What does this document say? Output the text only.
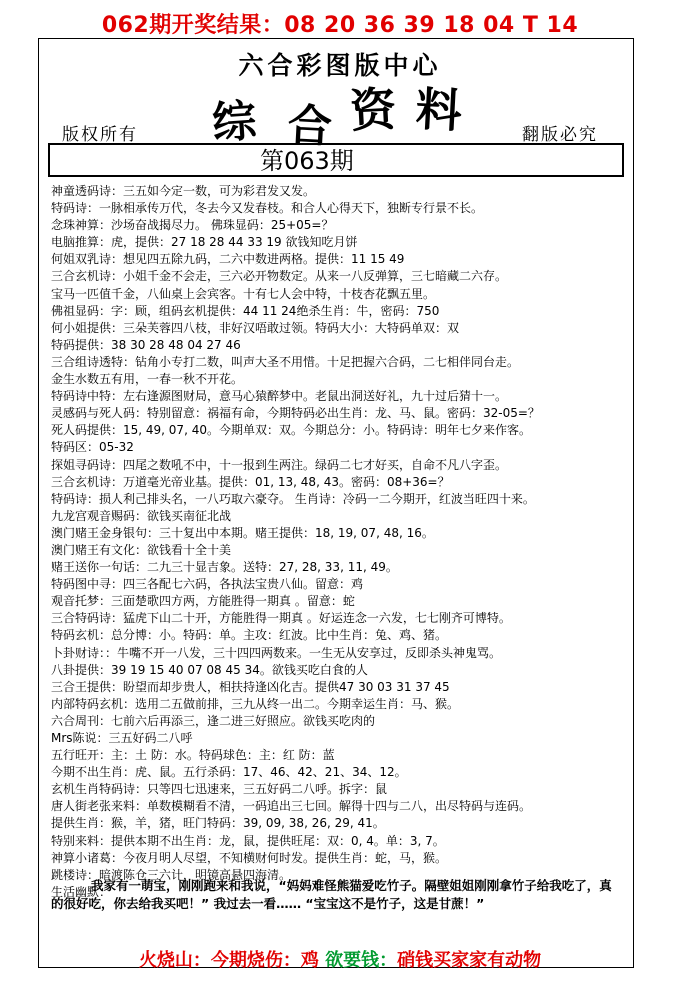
062期开奖结果：08 20 36 39 18 04 T 14
六合彩图版中心
综 合 资 料
版权所有	翻版必究
第063期
神童透码诗：三五如今定一数，可为彩君发又发。
特码诗：一脉相承传万代，冬去今又发春枝。和合人心得天下，独断专行景不长。
念珠神算：沙场奋战揭尽力。 佛珠显码：25+05=？
电脑推算：虎，提供：27 18 28 44 33 19 欲钱知吃月饼
何姐双乳诗：想见四五除九码，二六中数进两格。提供：11 15 49
三合玄机诗：小姐千金不会走，三六必开物数定。从来一八反弹算，三七暗藏二六存。
宝马一匹值千金，八仙桌上会宾客。十有七人会中特，十枝杏花飘五里。
佛祖显码：字：顾，组码玄机提供：44 11 24绝杀生肖：牛，密码：750
何小姐提供：三朵芙蓉四八枝，非好汉唔敢过领。特码大小：大特码单双：双
特码提供：38 30 28 48 04 27 46
三合组诗透特：钻角小专打二数，叫声大圣不用惜。十足把握六合码，二七相伴同台走。
金生水数五有用，一春一秋不开花。
特码诗中特：左右逢源图财局，意马心猿醉梦中。老鼠出洞送好礼，九十过后猜十一。
灵感码与死人码：特别留意：祸福有命，今期特码必出生肖：龙、马、鼠。密码：32-05=？
死人码提供：15, 49, 07, 40。今期单双：双。今期总分：小。特码诗：明年七夕来作客。
特码区：05-32
探姐寻码诗：四尾之数吼不中，十一报到生两注。绿码二七才好买，自命不凡八字歪。
三合玄机诗：万道毫光帝业基。提供：01, 13, 48, 43。密码：08+36=？
特码诗：损人利己排头名，一八巧取六豪夺。 生肖诗：冷码一二今期开，红波当旺四十来。
九龙宫观音赐码：欲钱买南征北战
澳门赌王金身银句：三十复出中本期。赌王提供：18, 19, 07, 48, 16。
澳门赌王有文化：欲钱看十全十美
赌王送你一句话：二九三十显吉象。送特：27, 28, 33, 11, 49。
特码图中寻：四三各配七六码，各执法宝贵八仙。留意：鸡
观音托梦：三面楚歌四方两，方能胜得一期真 。留意：蛇
三合特码诗：猛虎下山二十开，方能胜得一期真 。好运连念一六发，七七刚齐可博特。
特码玄机：总分博：小。特码：单。主攻：红波。比中生肖：兔、鸡、猪。
卜卦财诗：：牛嘴不开一八发，三十四四两数来。一生无从安享过，反即杀头神鬼骂。
八卦提供：39 19 15 40 07 08 45 34。欲钱买吃白食的人
三合王提供：盼望而却步贵人，相扶持逢凶化吉。提供47 30 03 31 37 45
内部特码玄机：选用二五做前排，三九从终一出二。今期幸运生肖：马、猴。
六合周刊：七前六后再添三，逢二进三好照应。欲钱买吃肉的
Mrs陈说：三五好码二八呼
五行旺开：主：土 防：水。特码球色：主：红 防：蓝
今期不出生肖：虎、鼠。五行杀码：17、46、42、21、34、12。
玄机生肖特码诗：只等四七迅速来，三五好码二八呼。拆字：鼠
唐人街老张来料：单数模糊看不清，一码追出三七回。解得十四与二八，出尽特码与连码。
提供生肖：猴，羊，猪，旺门特码：39, 09, 38, 26, 29, 41。
特别来料：提供本期不出生肖：龙，鼠，提供旺尾：双：0, 4。单：3, 7。
神算小诸葛：今夜月明人尽望，不知横财何时发。提供生肖：蛇，马，猴。
跳楼诗：暗渡陈仓三六计，明镜高悬四海清。
生活幽默：
我家有一萌宝，刚刚跑来和我说，“妈妈难怪熊猫爱吃竹子。隔壁姐姐刚刚拿竹子给我吃了，真的很好吃，你去给我买吧！” 我过去一看…… “宝宝这不是竹子，这是甘蔗！”
火烧山：今期烧伤：鸡 欲要钱：硝钱买家家有动物
